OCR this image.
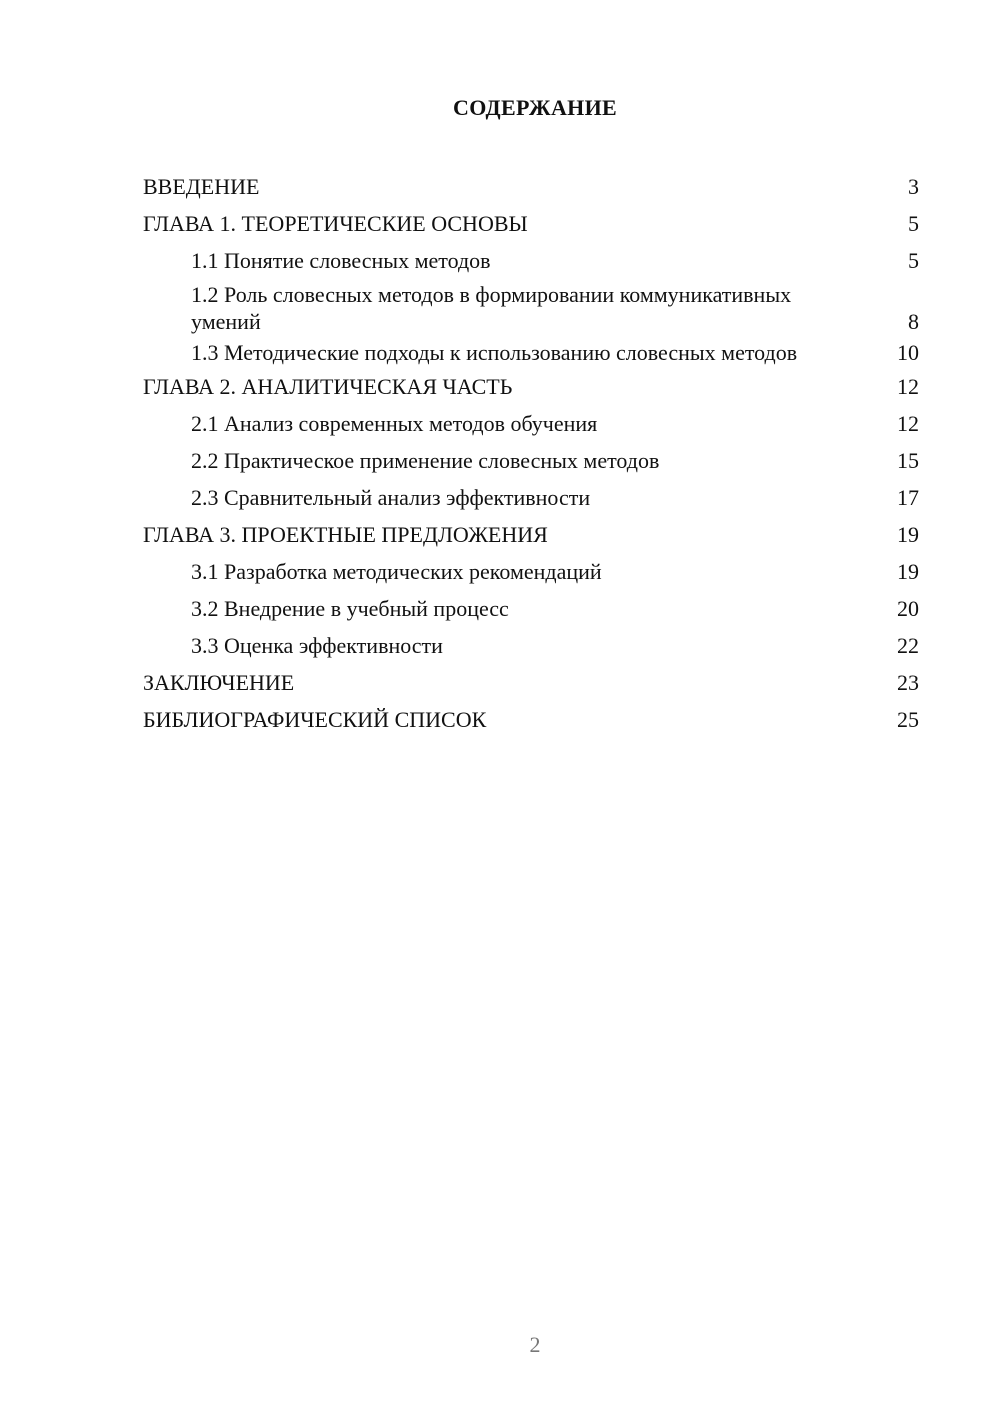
СОДЕРЖАНИЕ
ВВЕДЕНИЕ	3
ГЛАВА 1. ТЕОРЕТИЧЕСКИЕ ОСНОВЫ	5
1.1 Понятие словесных методов	5
1.2 Роль словесных методов в формировании коммуникативных умений	8
1.3 Методические подходы к использованию словесных методов	10
ГЛАВА 2. АНАЛИТИЧЕСКАЯ ЧАСТЬ	12
2.1 Анализ современных методов обучения	12
2.2 Практическое применение словесных методов	15
2.3 Сравнительный анализ эффективности	17
ГЛАВА 3. ПРОЕКТНЫЕ ПРЕДЛОЖЕНИЯ	19
3.1 Разработка методических рекомендаций	19
3.2 Внедрение в учебный процесс	20
3.3 Оценка эффективности	22
ЗАКЛЮЧЕНИЕ	23
БИБЛИОГРАФИЧЕСКИЙ СПИСОК	25
2
